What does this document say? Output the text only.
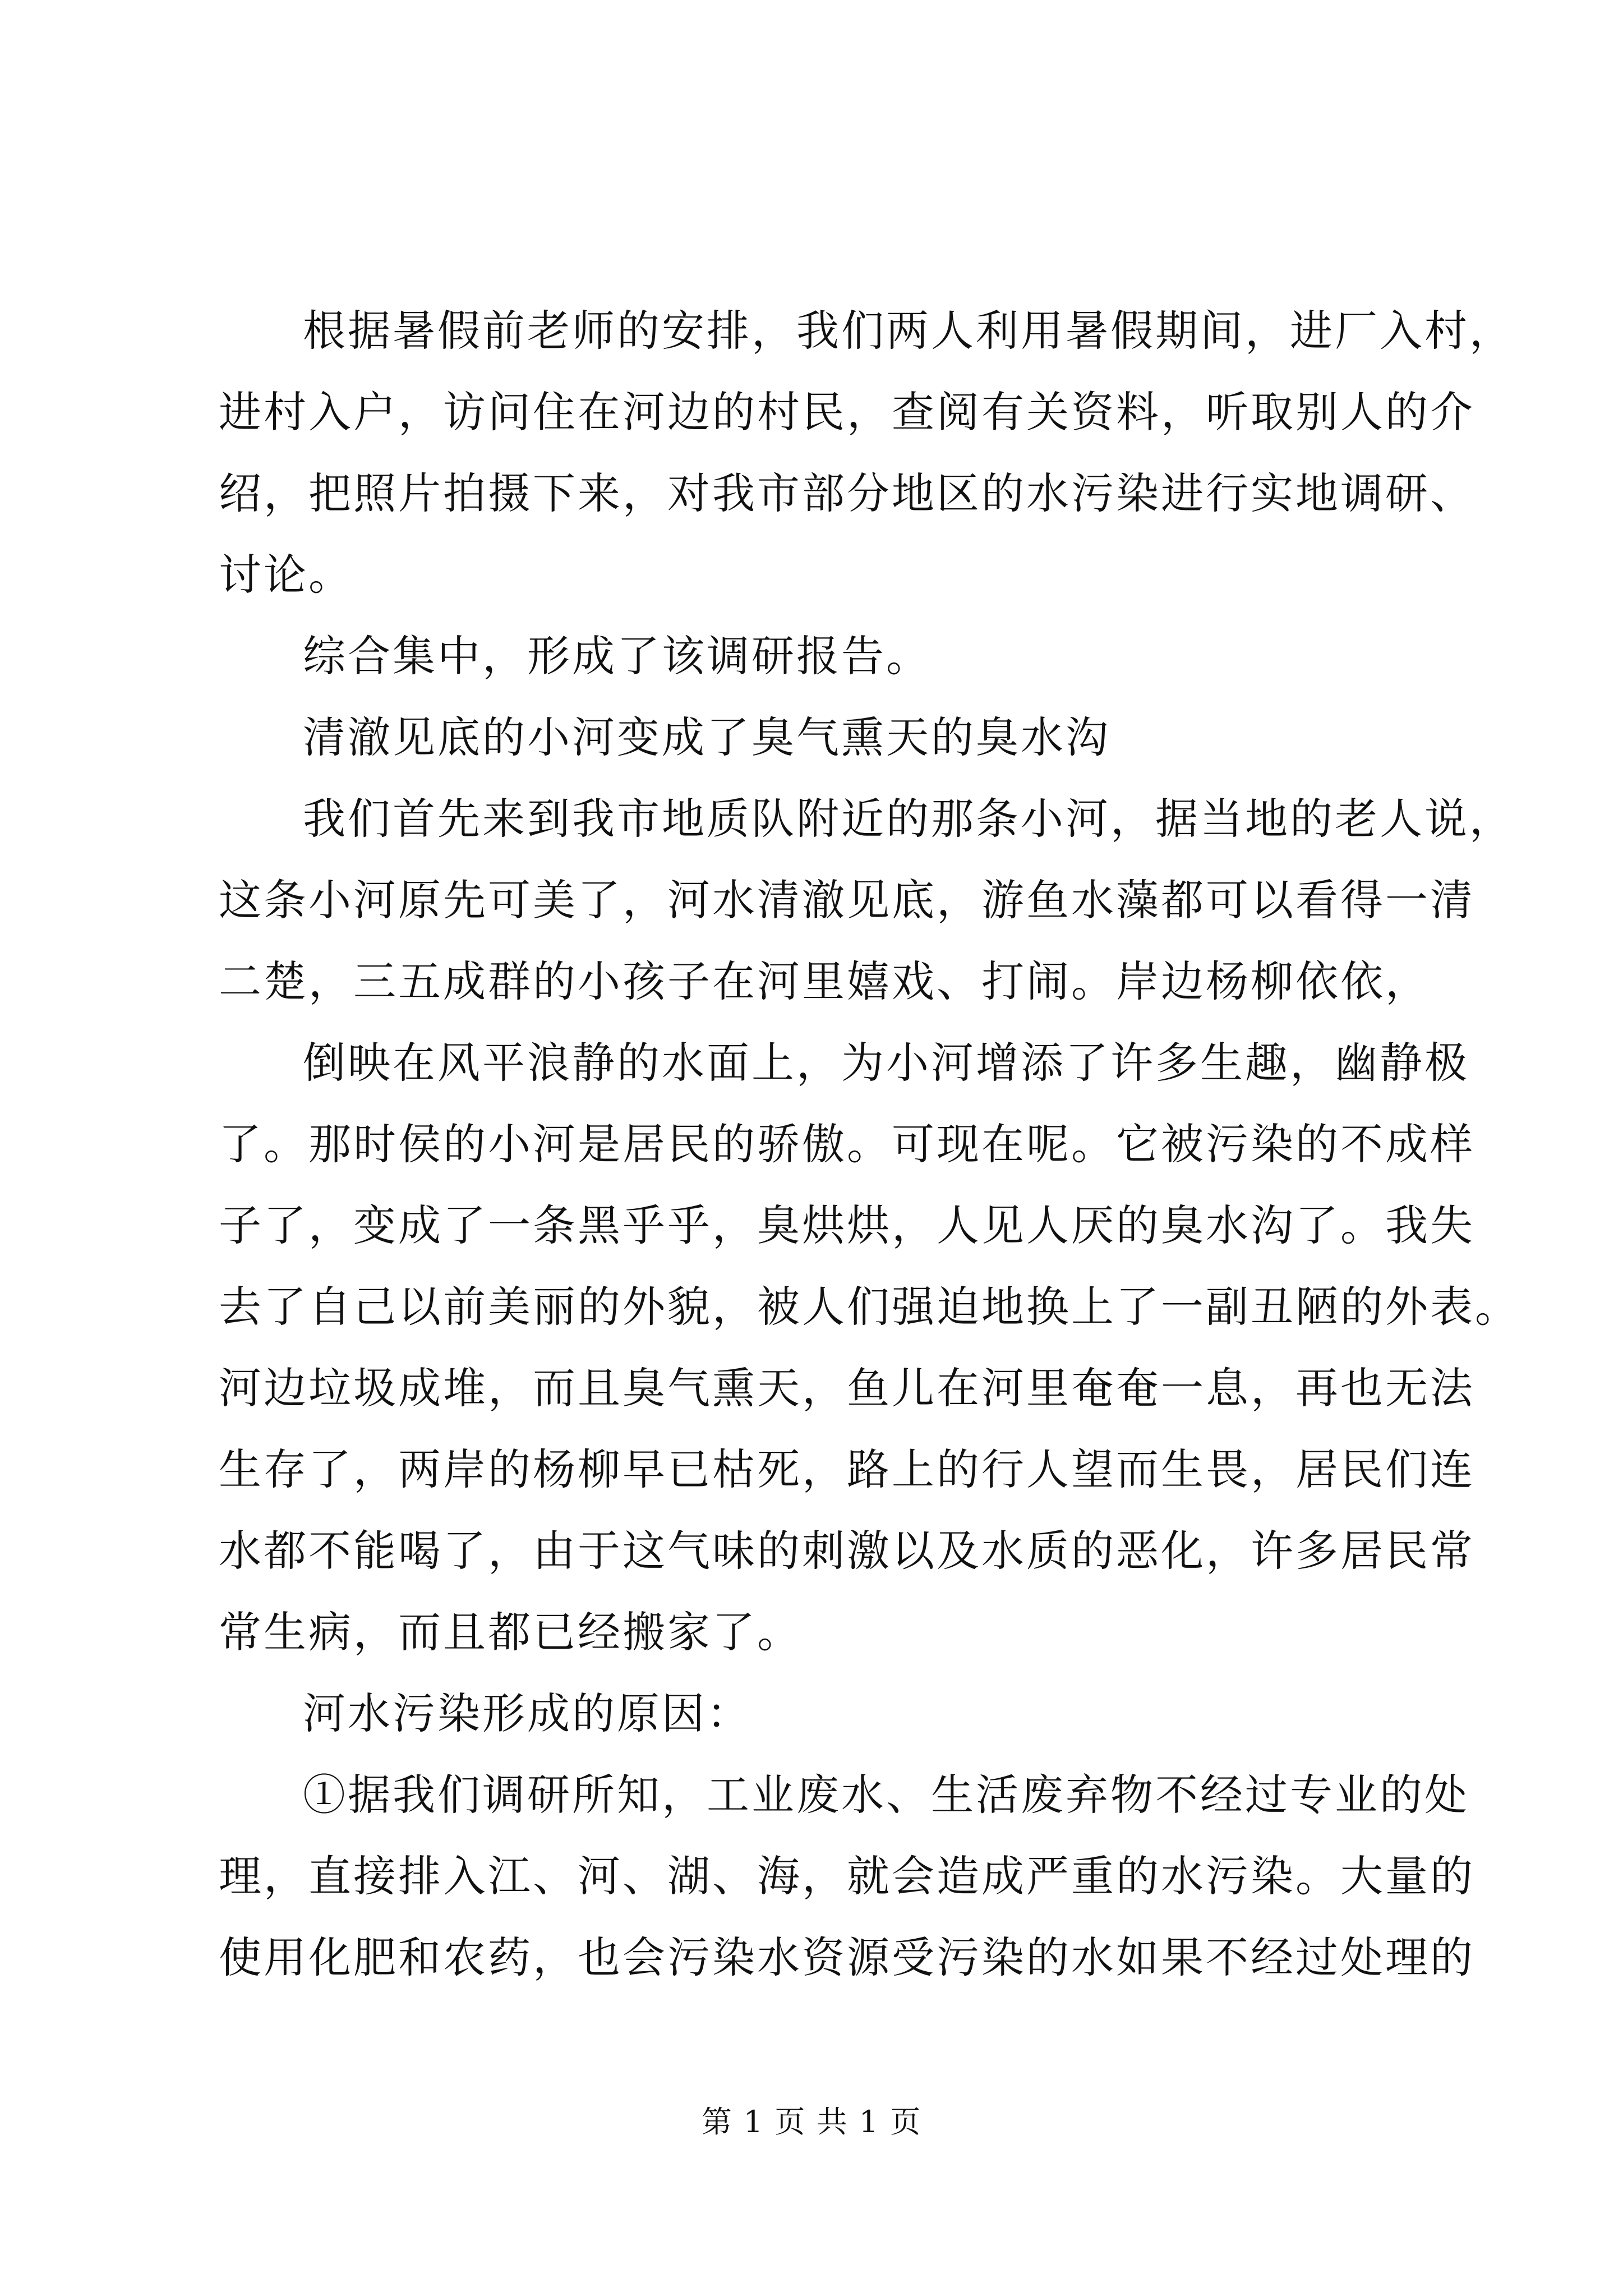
根据暑假前老师的安排，我们两人利用暑假期间，进厂入村，
进村入户，访问住在河边的村民，查阅有关资料，听取别人的介
绍，把照片拍摄下来，对我市部分地区的水污染进行实地调研、
讨论。
综合集中，形成了该调研报告。
清澈见底的小河变成了臭气熏天的臭水沟
我们首先来到我市地质队附近的那条小河，据当地的老人说，
这条小河原先可美了，河水清澈见底，游鱼水藻都可以看得一清
二楚，三五成群的小孩子在河里嬉戏、打闹。岸边杨柳依依，
倒映在风平浪静的水面上，为小河增添了许多生趣，幽静极
了。那时侯的小河是居民的骄傲。可现在呢。它被污染的不成样
子了，变成了一条黑乎乎，臭烘烘，人见人厌的臭水沟了。我失
去了自己以前美丽的外貌，被人们强迫地换上了一副丑陋的外表。
河边垃圾成堆，而且臭气熏天，鱼儿在河里奄奄一息，再也无法
生存了，两岸的杨柳早已枯死，路上的行人望而生畏，居民们连
水都不能喝了，由于这气味的刺激以及水质的恶化，许多居民常
常生病，而且都已经搬家了。
河水污染形成的原因：
①据我们调研所知，工业废水、生活废弃物不经过专业的处
理，直接排入江、河、湖、海，就会造成严重的水污染。大量的
使用化肥和农药，也会污染水资源受污染的水如果不经过处理的
第 1 页 共 1 页
